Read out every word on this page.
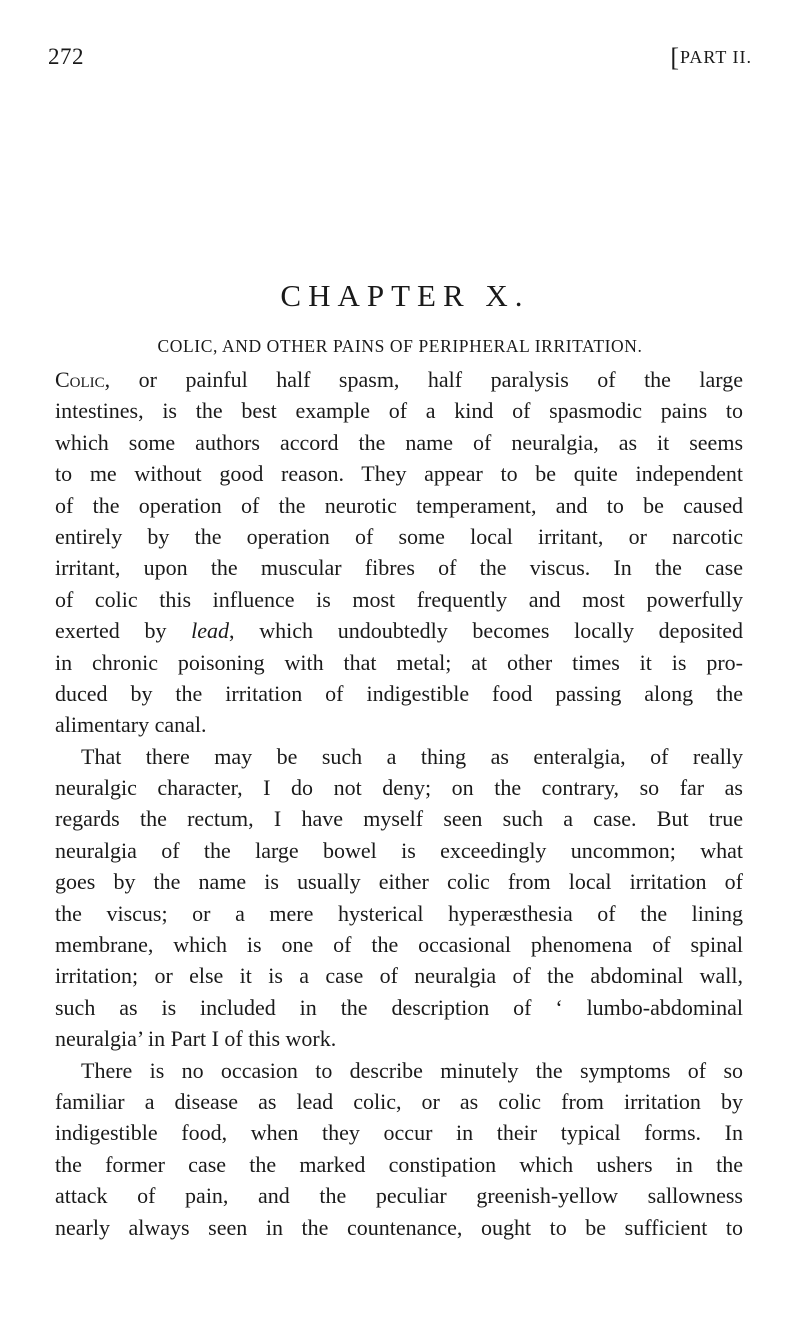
272	[PART II.
CHAPTER X.
COLIC, AND OTHER PAINS OF PERIPHERAL IRRITATION.
Colic, or painful half spasm, half paralysis of the large
intestines, is the best example of a kind of spasmodic pains to
which some authors accord the name of neuralgia, as it seems
to me without good reason. They appear to be quite independent
of the operation of the neurotic temperament, and to be caused
entirely by the operation of some local irritant, or narcotic
irritant, upon the muscular fibres of the viscus. In the case
of colic this influence is most frequently and most powerfully
exerted by lead, which undoubtedly becomes locally deposited
in chronic poisoning with that metal; at other times it is pro-
duced by the irritation of indigestible food passing along the
alimentary canal.
That there may be such a thing as enteralgia, of really
neuralgic character, I do not deny; on the contrary, so far as
regards the rectum, I have myself seen such a case. But true
neuralgia of the large bowel is exceedingly uncommon; what
goes by the name is usually either colic from local irritation of
the viscus; or a mere hysterical hyperæsthesia of the lining
membrane, which is one of the occasional phenomena of spinal
irritation; or else it is a case of neuralgia of the abdominal wall,
such as is included in the description of ‘ lumbo-abdominal
neuralgia’ in Part I of this work.
There is no occasion to describe minutely the symptoms of so
familiar a disease as lead colic, or as colic from irritation by
indigestible food, when they occur in their typical forms. In
the former case the marked constipation which ushers in the
attack of pain, and the peculiar greenish-yellow sallowness
nearly always seen in the countenance, ought to be sufficient to
